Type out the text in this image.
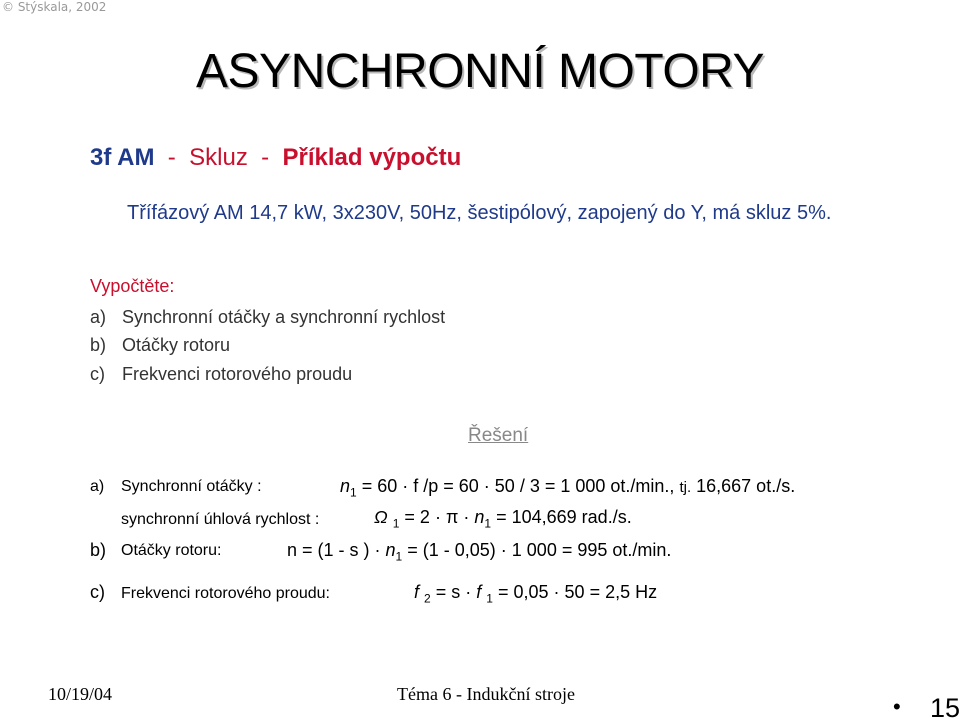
© Stýskala, 2002
ASYNCHRONNÍ MOTORY
3f AM - Skluz - Příklad výpočtu
Třífázový AM 14,7 kW, 3x230V, 50Hz, šestipólový, zapojený do Y, má skluz 5%.
Vypočtěte:
a) Synchronní otáčky a synchronní rychlost
b) Otáčky rotoru
c) Frekvenci rotorového proudu
Řešení
a) Synchronní otáčky :	$n_1 = 60 \cdot f$ /p = 60 · 50 / 3 = 1 000 ot./min., tj. 16,667 ot./s.
synchronní úhlová rychlost :	Ω $_1 = 2 \cdot \pi \cdot n_1 = 104,669$ rad./s.
b) Otáčky rotoru:	n = (1 - s ) · $n_1 = (1 - 0,05) \cdot 1$ 000 = 995 ot./min.
c) Frekvenci rotorového proudu:	f $_2$ = s · f $_1$ = 0,05 · 50 = 2,5 Hz
10/19/04	Téma 6 - Indukční stroje	• 15
